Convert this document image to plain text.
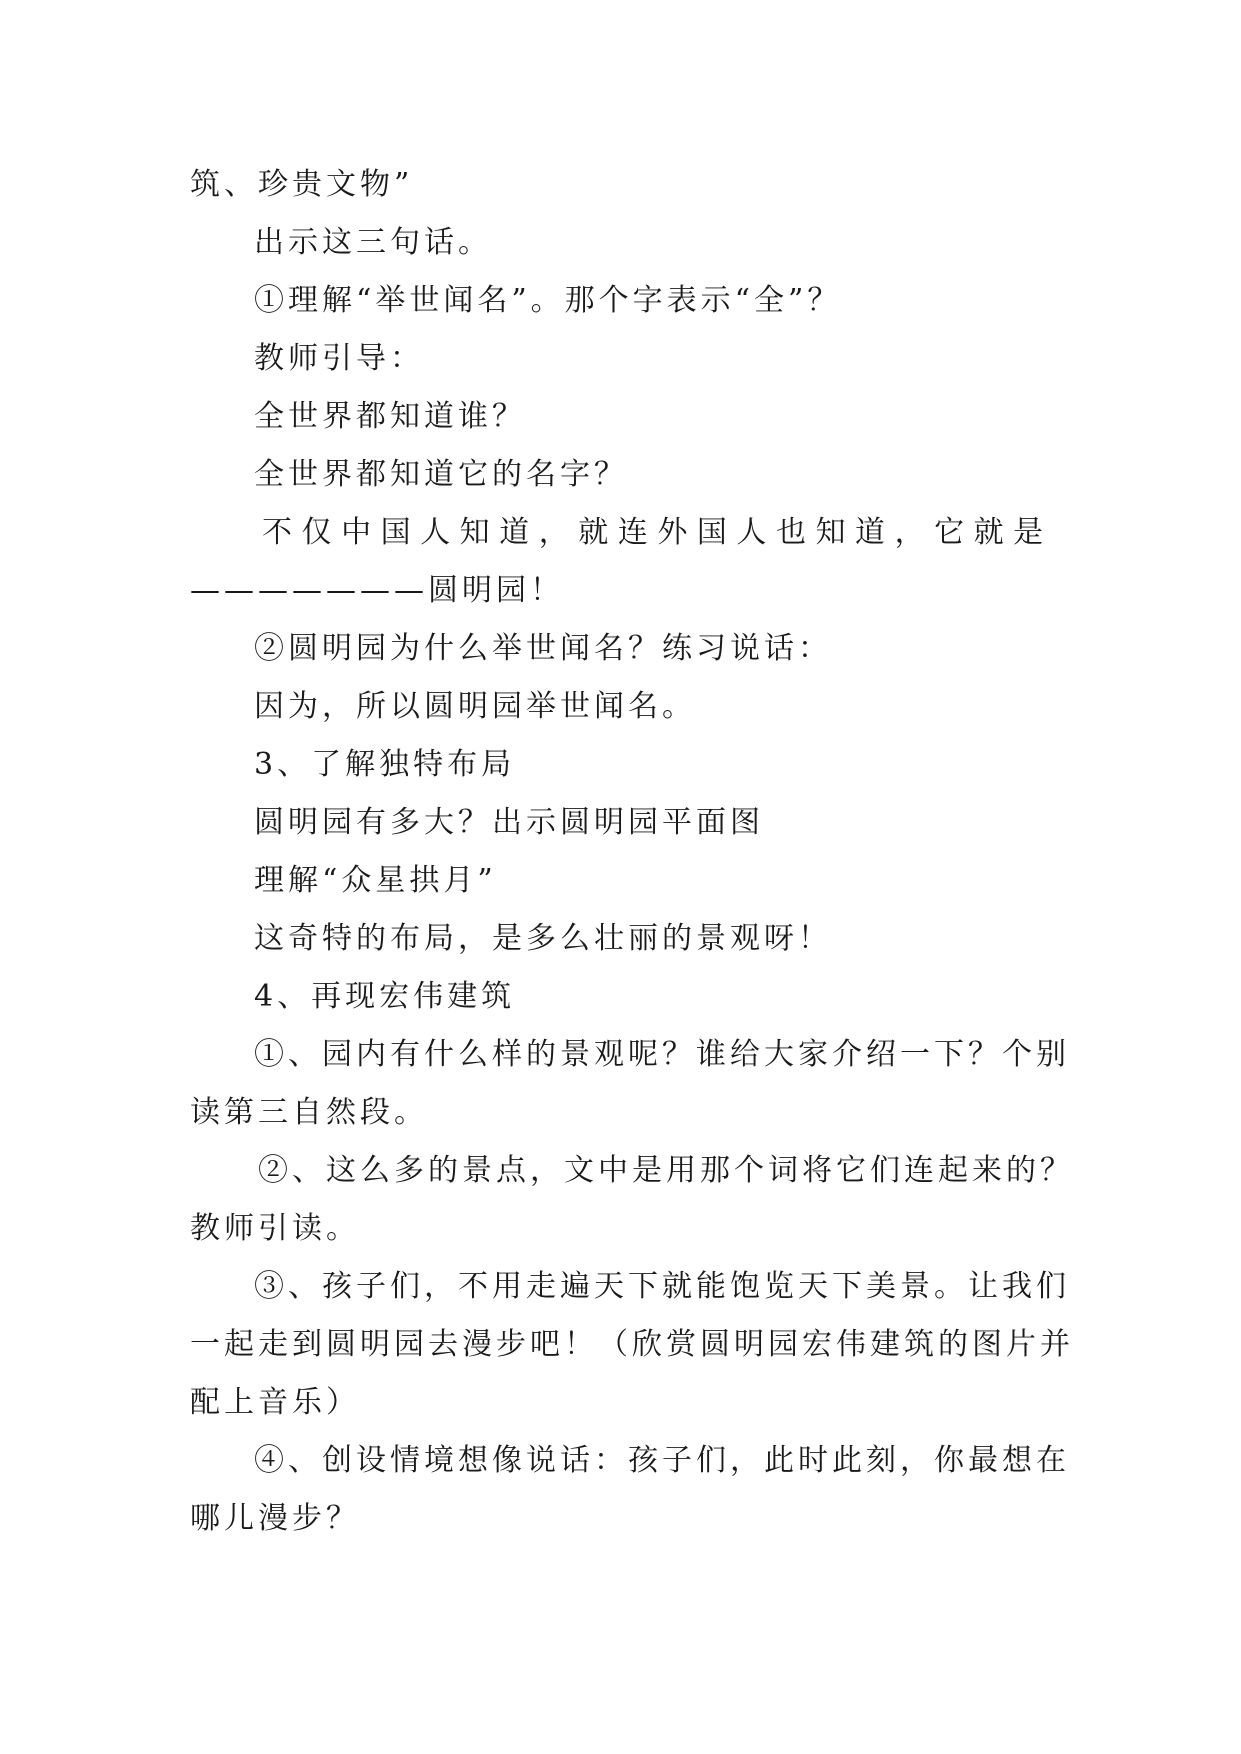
筑、珍贵文物”
出示这三句话。
①理解“举世闻名”。那个字表示“全”？
教师引导：
全世界都知道谁？
全世界都知道它的名字？
不 仅 中 国 人 知 道 ， 就 连 外 国 人 也 知 道 ， 它 就 是
———————圆明园！
②圆明园为什么举世闻名？练习说话：
因为，所以圆明园举世闻名。
3、了解独特布局
圆明园有多大？出示圆明园平面图
理解“众星拱月”
这奇特的布局，是多么壮丽的景观呀！
4、再现宏伟建筑
①、园内有什么样的景观呢？谁给大家介绍一下？个别
读第三自然段。
②、这么多的景点，文中是用那个词将它们连起来的？
教师引读。
③、孩子们，不用走遍天下就能饱览天下美景。让我们
一起走到圆明园去漫步吧！（欣赏圆明园宏伟建筑的图片并
配上音乐）
④、创设情境想像说话：孩子们，此时此刻，你最想在
哪儿漫步？
